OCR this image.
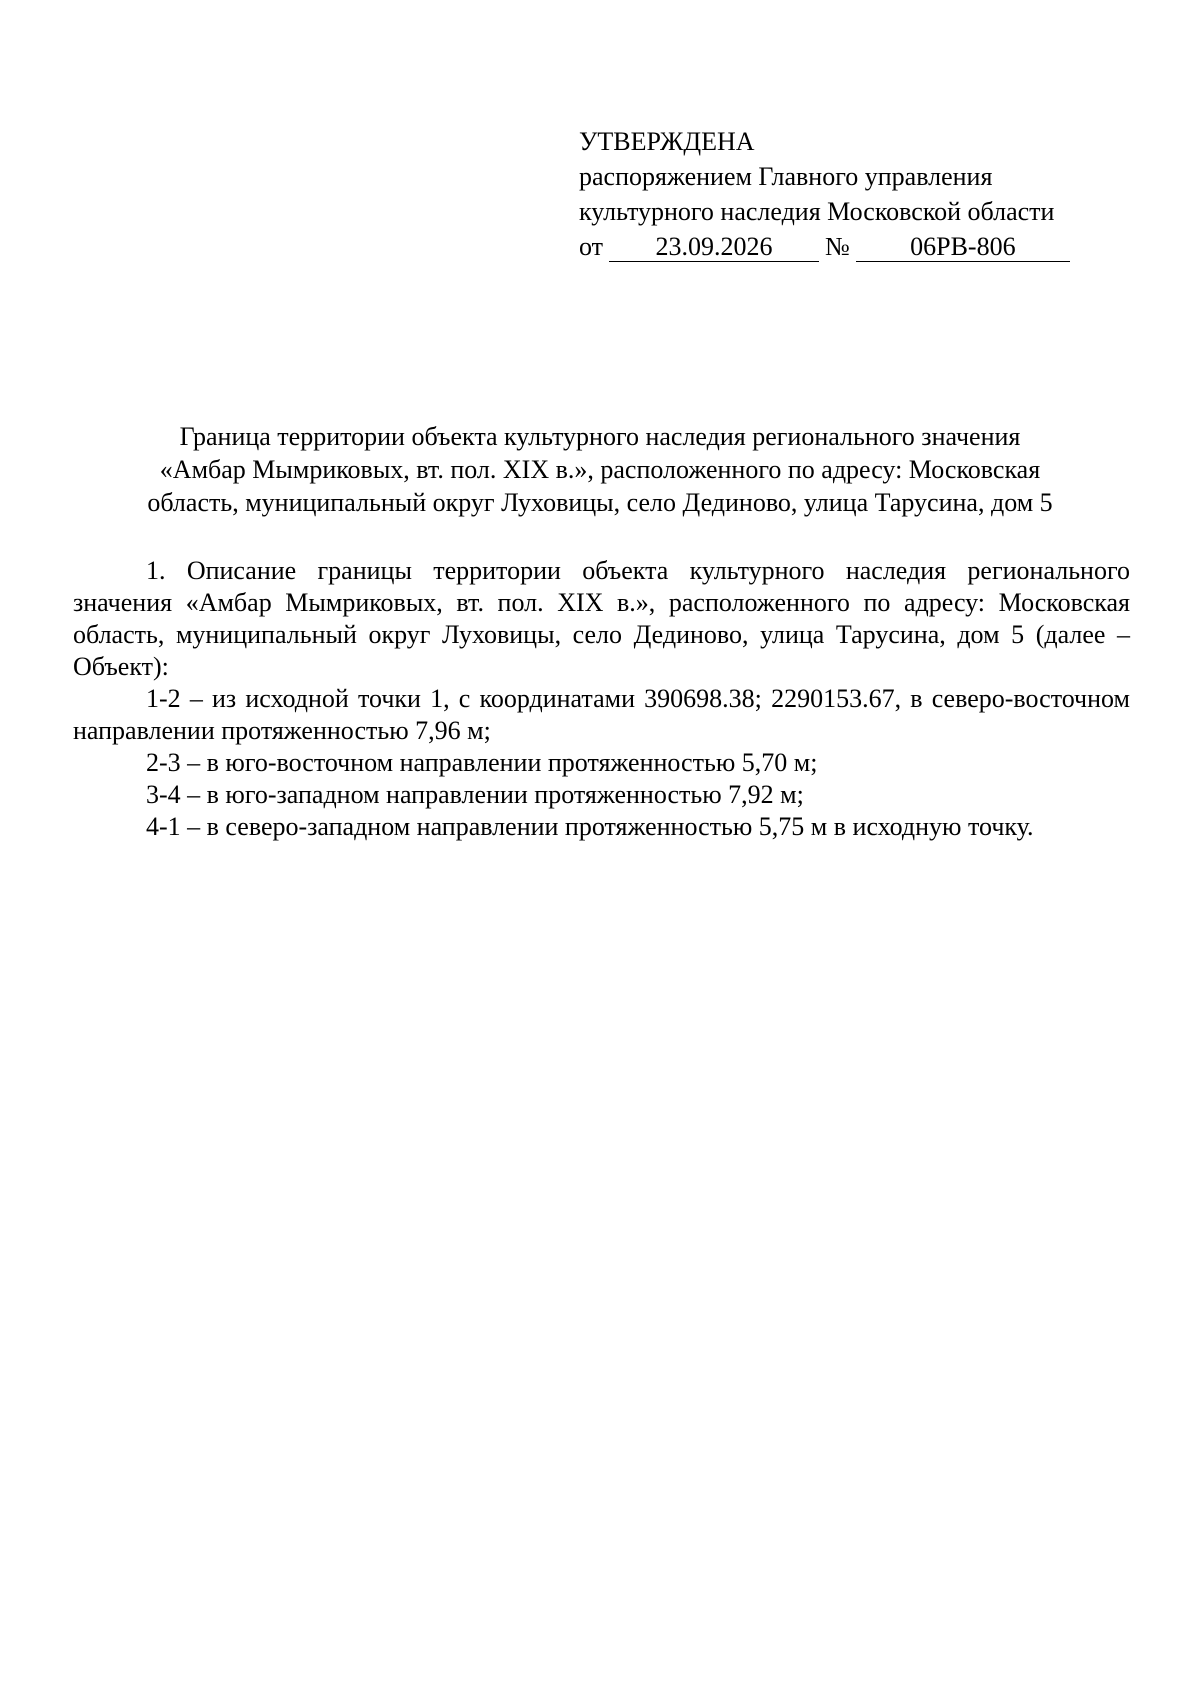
УТВЕРЖДЕНА
распоряжением Главного управления
культурного наследия Московской области
от 23.09.2026 № 06РВ-806
Граница территории объекта культурного наследия регионального значения
«Амбар Мымриковых, вт. пол. XIX в.», расположенного по адресу: Московская
область, муниципальный округ Луховицы, село Дединово, улица Тарусина, дом 5

1. Описание границы территории объекта культурного наследия регионального значения «Амбар Мымриковых, вт. пол. XIX в.», расположенного по адресу: Московская область, муниципальный округ Луховицы, село Дединово, улица Тарусина, дом 5 (далее – Объект):

1-2 – из исходной точки 1, с координатами 390698.38; 2290153.67, в северо-восточном направлении протяженностью 7,96 м;

2-3 – в юго-восточном направлении протяженностью 5,70 м;

3-4 – в юго-западном направлении протяженностью 7,92 м;

4-1 – в северо-западном направлении протяженностью 5,75 м в исходную точку.
